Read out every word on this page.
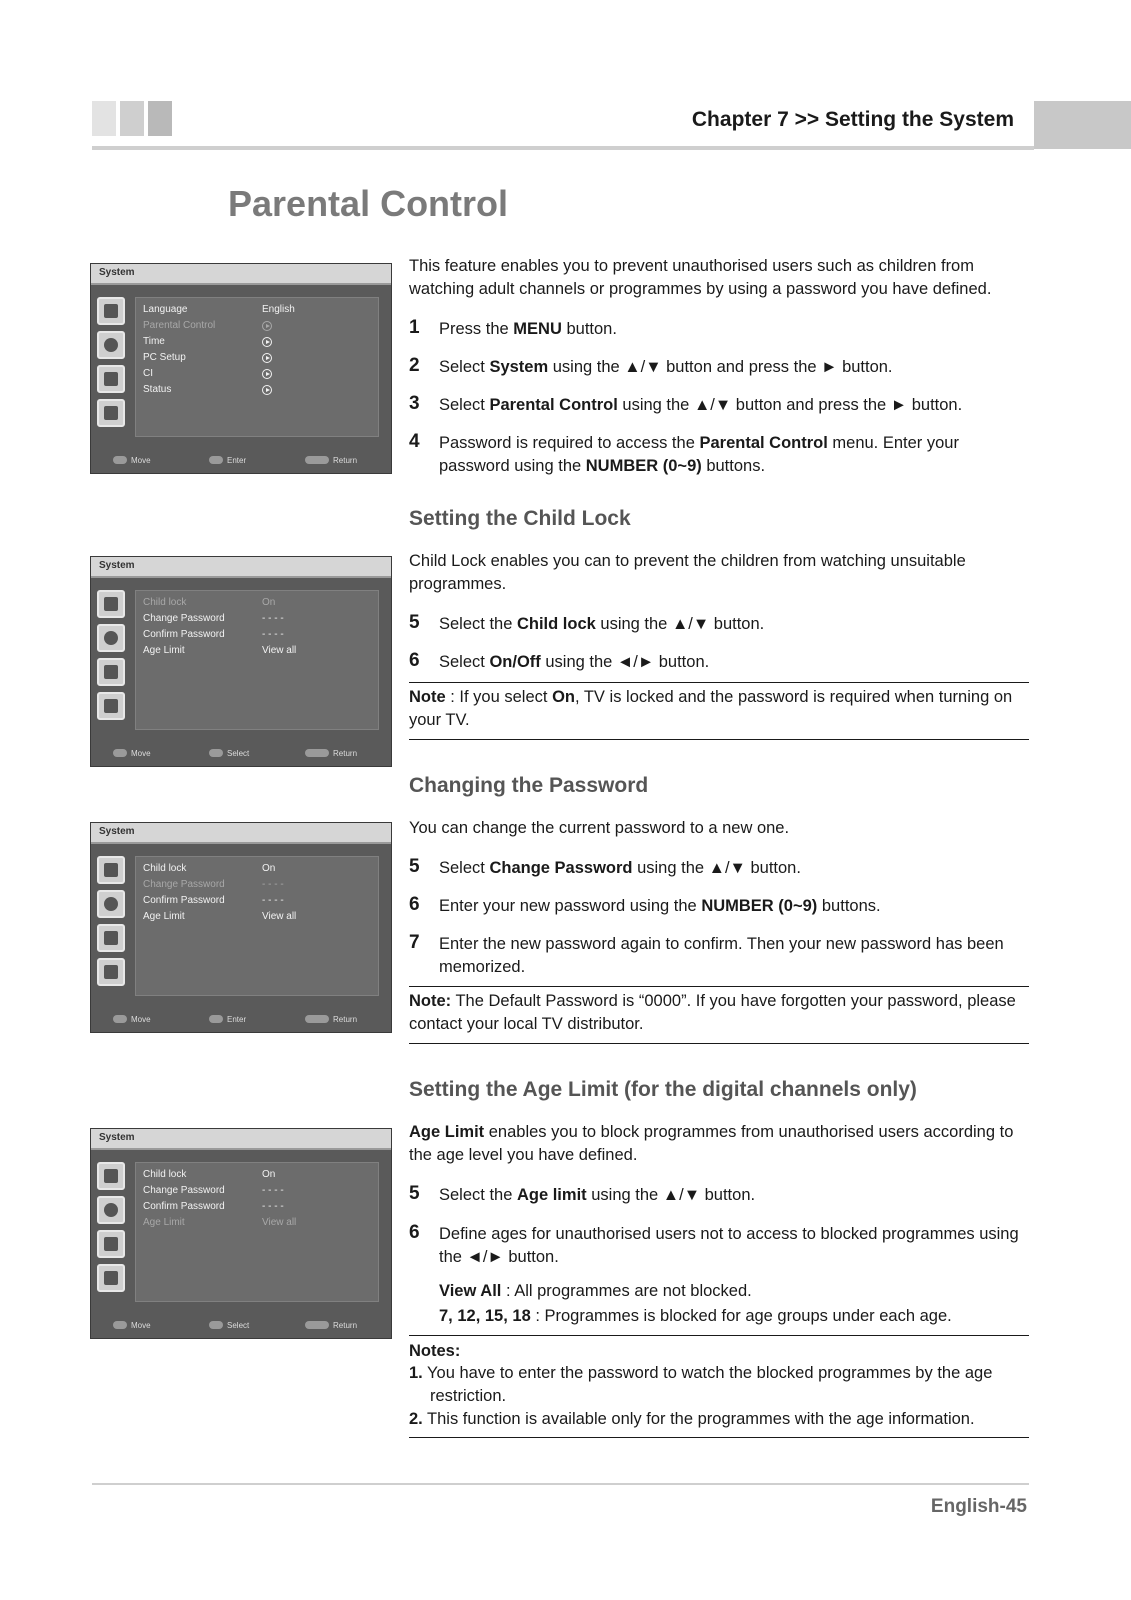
Chapter 7 >> Setting the System
Parental Control
System
Language	English
Parental Control
Time
PC Setup
CI
Status
Move	Enter	Return
System
Child lock	On
Change Password	- - - -
Confirm Password	- - - -
Age Limit	View all
Move	Select	Return
System
Child lock	On
Change Password	- - - -
Confirm Password	- - - -
Age Limit	View all
Move	Enter	Return
System
Child lock	On
Change Password	- - - -
Confirm Password	- - - -
Age Limit	View all
Move	Select	Return
This feature enables you to prevent unauthorised users such as children from watching adult channels or programmes by using a password you have defined.
1 Press the MENU button.
2 Select System using the ▲/▼ button and press the ► button.
3 Select Parental Control using the ▲/▼ button and press the ► button.
4 Password is required to access the Parental Control menu. Enter your password using the NUMBER (0~9) buttons.
Setting the Child Lock
Child Lock enables you can to prevent the children from watching unsuitable programmes.
5 Select the Child lock using the ▲/▼ button.
6 Select On/Off using the ◄/► button.
Note : If you select On, TV is locked and the password is required when turning on your TV.
Changing the Password
You can change the current password to a new one.
5 Select Change Password using the ▲/▼ button.
6 Enter your new password using the NUMBER (0~9) buttons.
7 Enter the new password again to confirm. Then your new password has been memorized.
Note: The Default Password is “0000”. If you have forgotten your password, please contact your local TV distributor.
Setting the Age Limit (for the digital channels only)
Age Limit enables you to block programmes from unauthorised users according to the age level you have defined.
5 Select the Age limit using the ▲/▼ button.
6 Define ages for unauthorised users not to access to blocked programmes using the ◄/► button.
View All : All programmes are not blocked.
7, 12, 15, 18 : Programmes is blocked for age groups under each age.
Notes:
1. You have to enter the password to watch the blocked programmes by the age restriction.
2. This function is available only for the programmes with the age information.
English-45
